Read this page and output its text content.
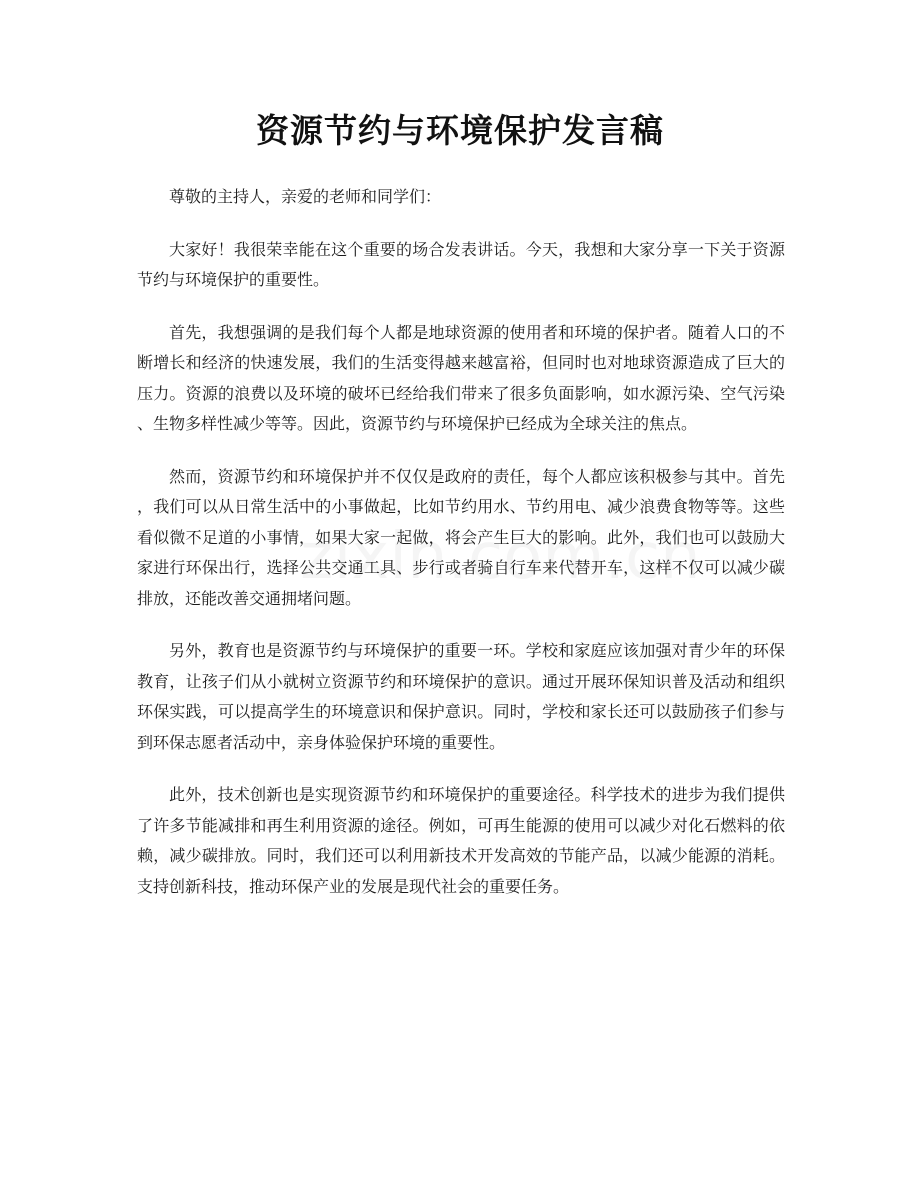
资源节约与环境保护发言稿

尊敬的主持人，亲爱的老师和同学们：

大家好！我很荣幸能在这个重要的场合发表讲话。今天，我想和大家分享一下关于资源节约与环境保护的重要性。

首先，我想强调的是我们每个人都是地球资源的使用者和环境的保护者。随着人口的不断增长和经济的快速发展，我们的生活变得越来越富裕，但同时也对地球资源造成了巨大的压力。资源的浪费以及环境的破坏已经给我们带来了很多负面影响，如水源污染、空气污染、生物多样性减少等等。因此，资源节约与环境保护已经成为全球关注的焦点。

然而，资源节约和环境保护并不仅仅是政府的责任，每个人都应该积极参与其中。首先，我们可以从日常生活中的小事做起，比如节约用水、节约用电、减少浪费食物等等。这些看似微不足道的小事情，如果大家一起做，将会产生巨大的影响。此外，我们也可以鼓励大家进行环保出行，选择公共交通工具、步行或者骑自行车来代替开车，这样不仅可以减少碳排放，还能改善交通拥堵问题。

另外，教育也是资源节约与环境保护的重要一环。学校和家庭应该加强对青少年的环保教育，让孩子们从小就树立资源节约和环境保护的意识。通过开展环保知识普及活动和组织环保实践，可以提高学生的环境意识和保护意识。同时，学校和家长还可以鼓励孩子们参与到环保志愿者活动中，亲身体验保护环境的重要性。

此外，技术创新也是实现资源节约和环境保护的重要途径。科学技术的进步为我们提供了许多节能减排和再生利用资源的途径。例如，可再生能源的使用可以减少对化石燃料的依赖，减少碳排放。同时，我们还可以利用新技术开发高效的节能产品，以减少能源的消耗。支持创新科技，推动环保产业的发展是现代社会的重要任务。
